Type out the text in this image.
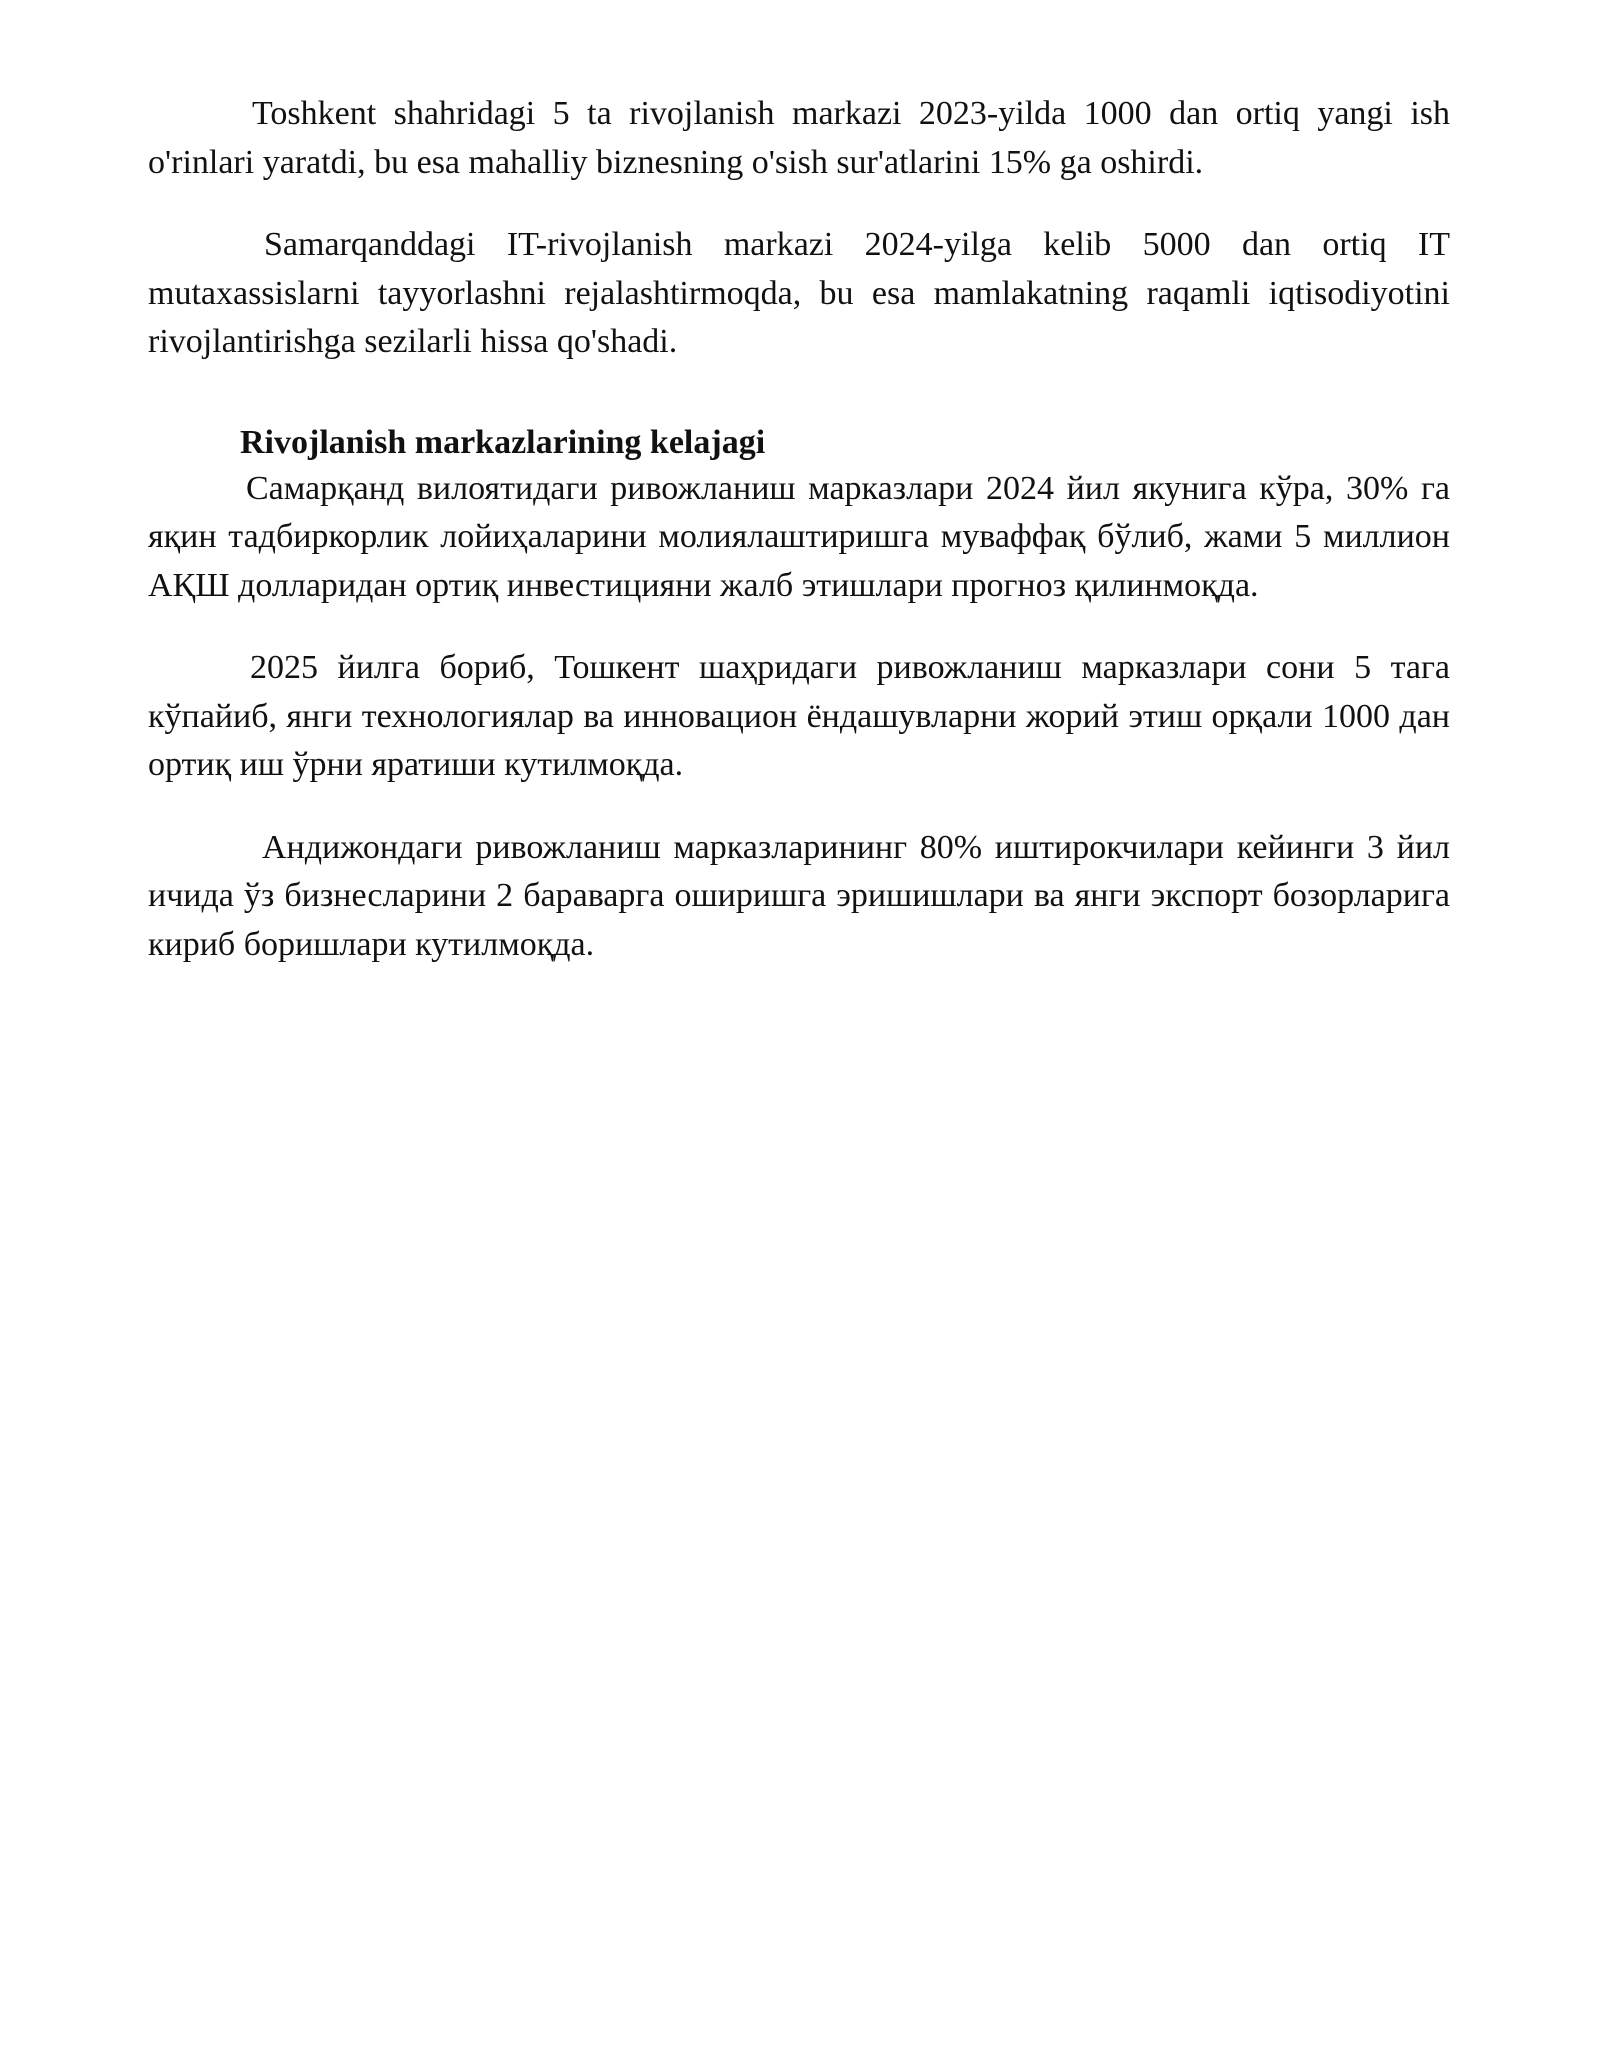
Toshkent shahridagi 5 ta rivojlanish markazi 2023-yilda 1000 dan ortiq yangi ish o'rinlari yaratdi, bu esa mahalliy biznesning o'sish sur'atlarini 15% ga oshirdi.

Samarqanddagi IT-rivojlanish markazi 2024-yilga kelib 5000 dan ortiq IT mutaxassislarni tayyorlashni rejalashtirmoqda, bu esa mamlakatning raqamli iqtisodiyotini rivojlantirishga sezilarli hissa qo'shadi.

Rivojlanish markazlarining kelajagi

Самарқанд вилоятидаги ривожланиш марказлари 2024 йил якунига кўра, 30% га яқин тадбиркорлик лойиҳаларини молиялаштиришга муваффақ бўлиб, жами 5 миллион АҚШ долларидан ортиқ инвестицияни жалб этишлари прогноз қилинмоқда.

2025 йилга бориб, Тошкент шаҳридаги ривожланиш марказлари сони 5 тага кўпайиб, янги технологиялар ва инновацион ёндашувларни жорий этиш орқали 1000 дан ортиқ иш ўрни яратиши кутилмоқда.

Андижондаги ривожланиш марказларининг 80% иштирокчилари кейинги 3 йил ичида ўз бизнесларини 2 бараварга оширишга эришишлари ва янги экспорт бозорларига кириб боришлари кутилмоқда.
